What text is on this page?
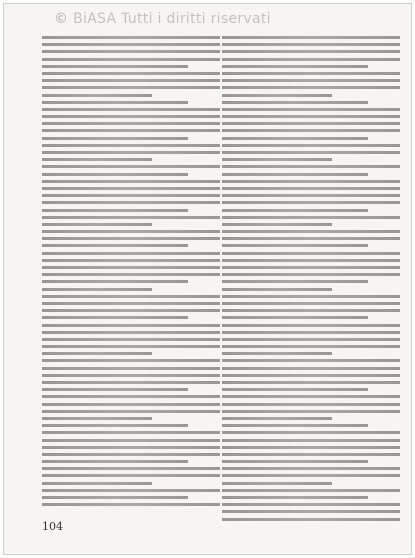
© BiASA Tutti i diritti riservati
104
